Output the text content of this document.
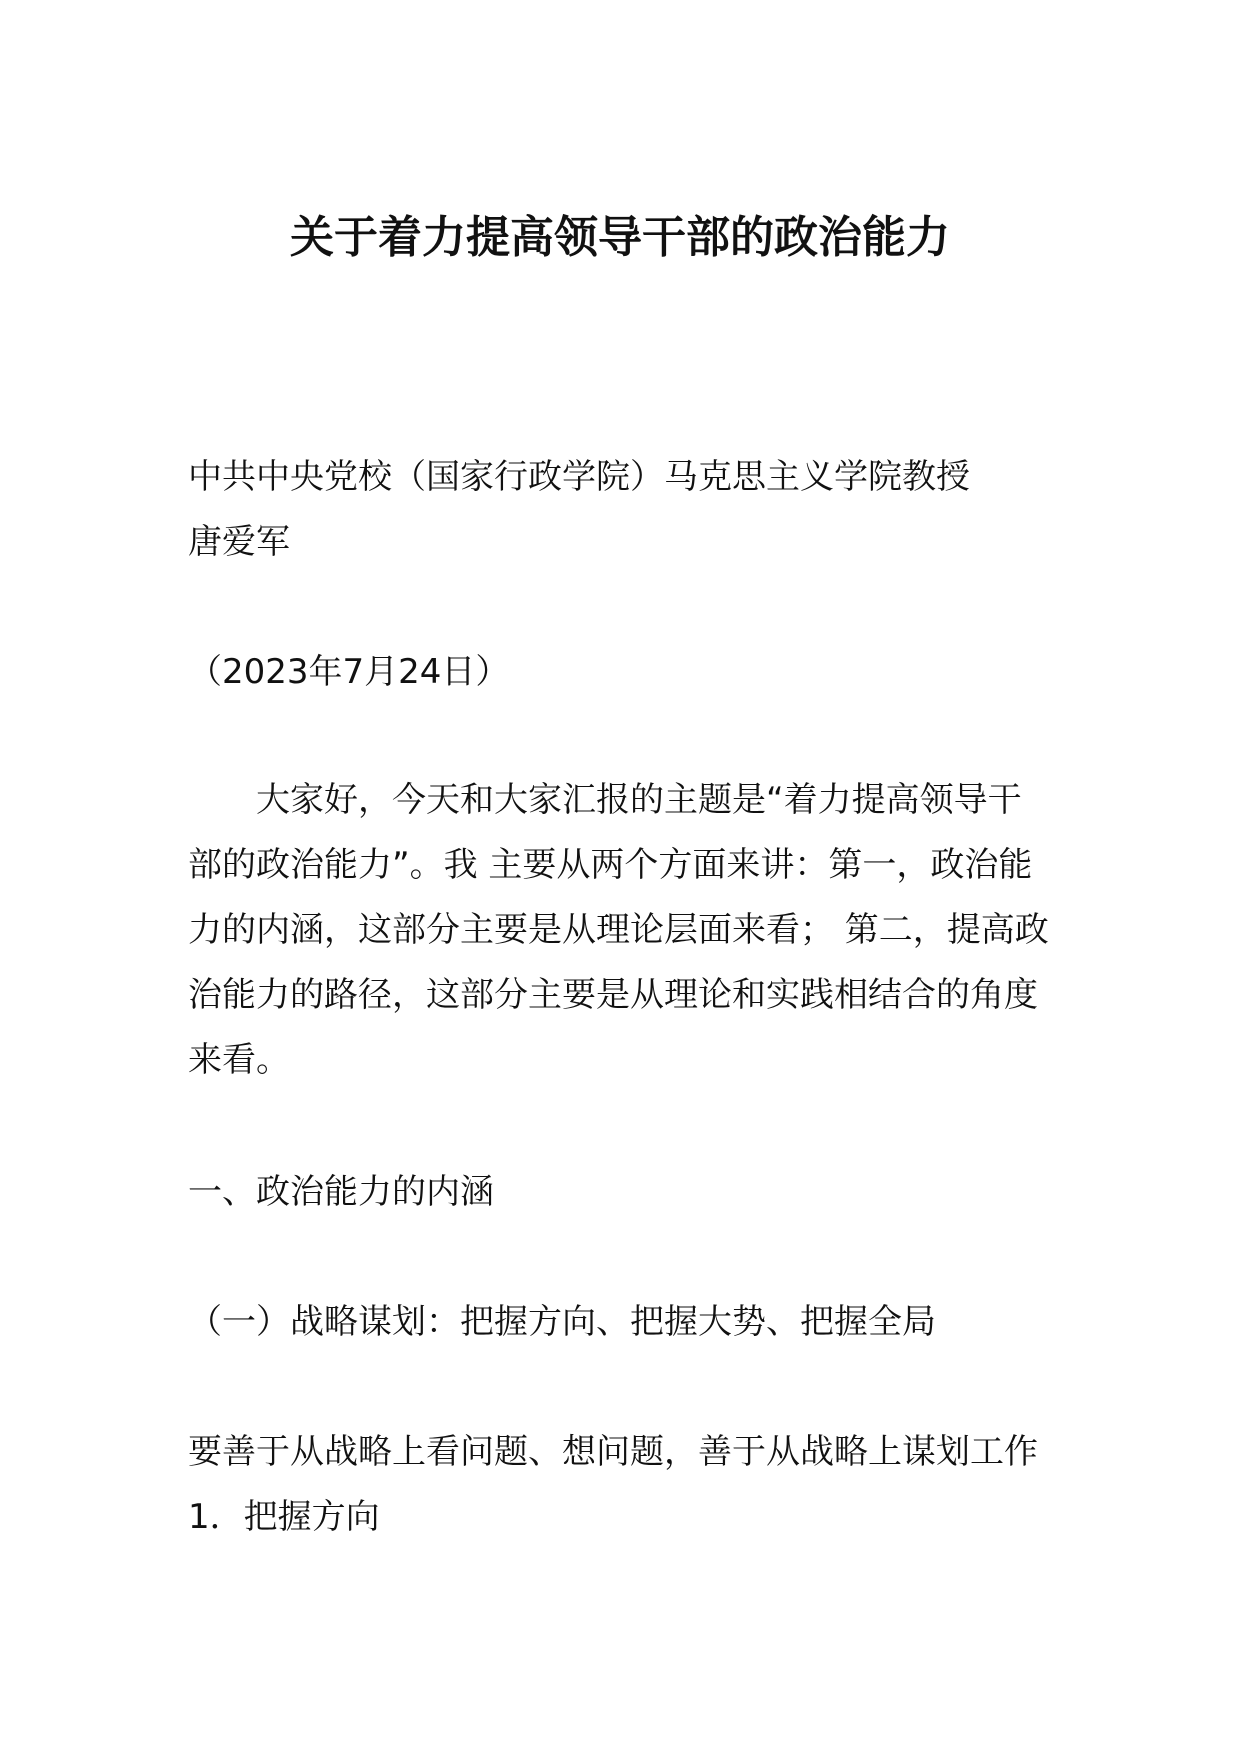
关于着力提高领导干部的政治能力
中共中央党校（国家行政学院）马克思主义学院教授
唐爱军
（2023年7月24日）
大家好，今天和大家汇报的主题是“着力提高领导干
部的政治能力”。我 主要从两个方面来讲：第一，政治能
力的内涵，这部分主要是从理论层面来看； 第二，提高政
治能力的路径，这部分主要是从理论和实践相结合的角度
来看。
一、政治能力的内涵
（一）战略谋划：把握方向、把握大势、把握全局
要善于从战略上看问题、想问题，善于从战略上谋划工作
1．把握方向
